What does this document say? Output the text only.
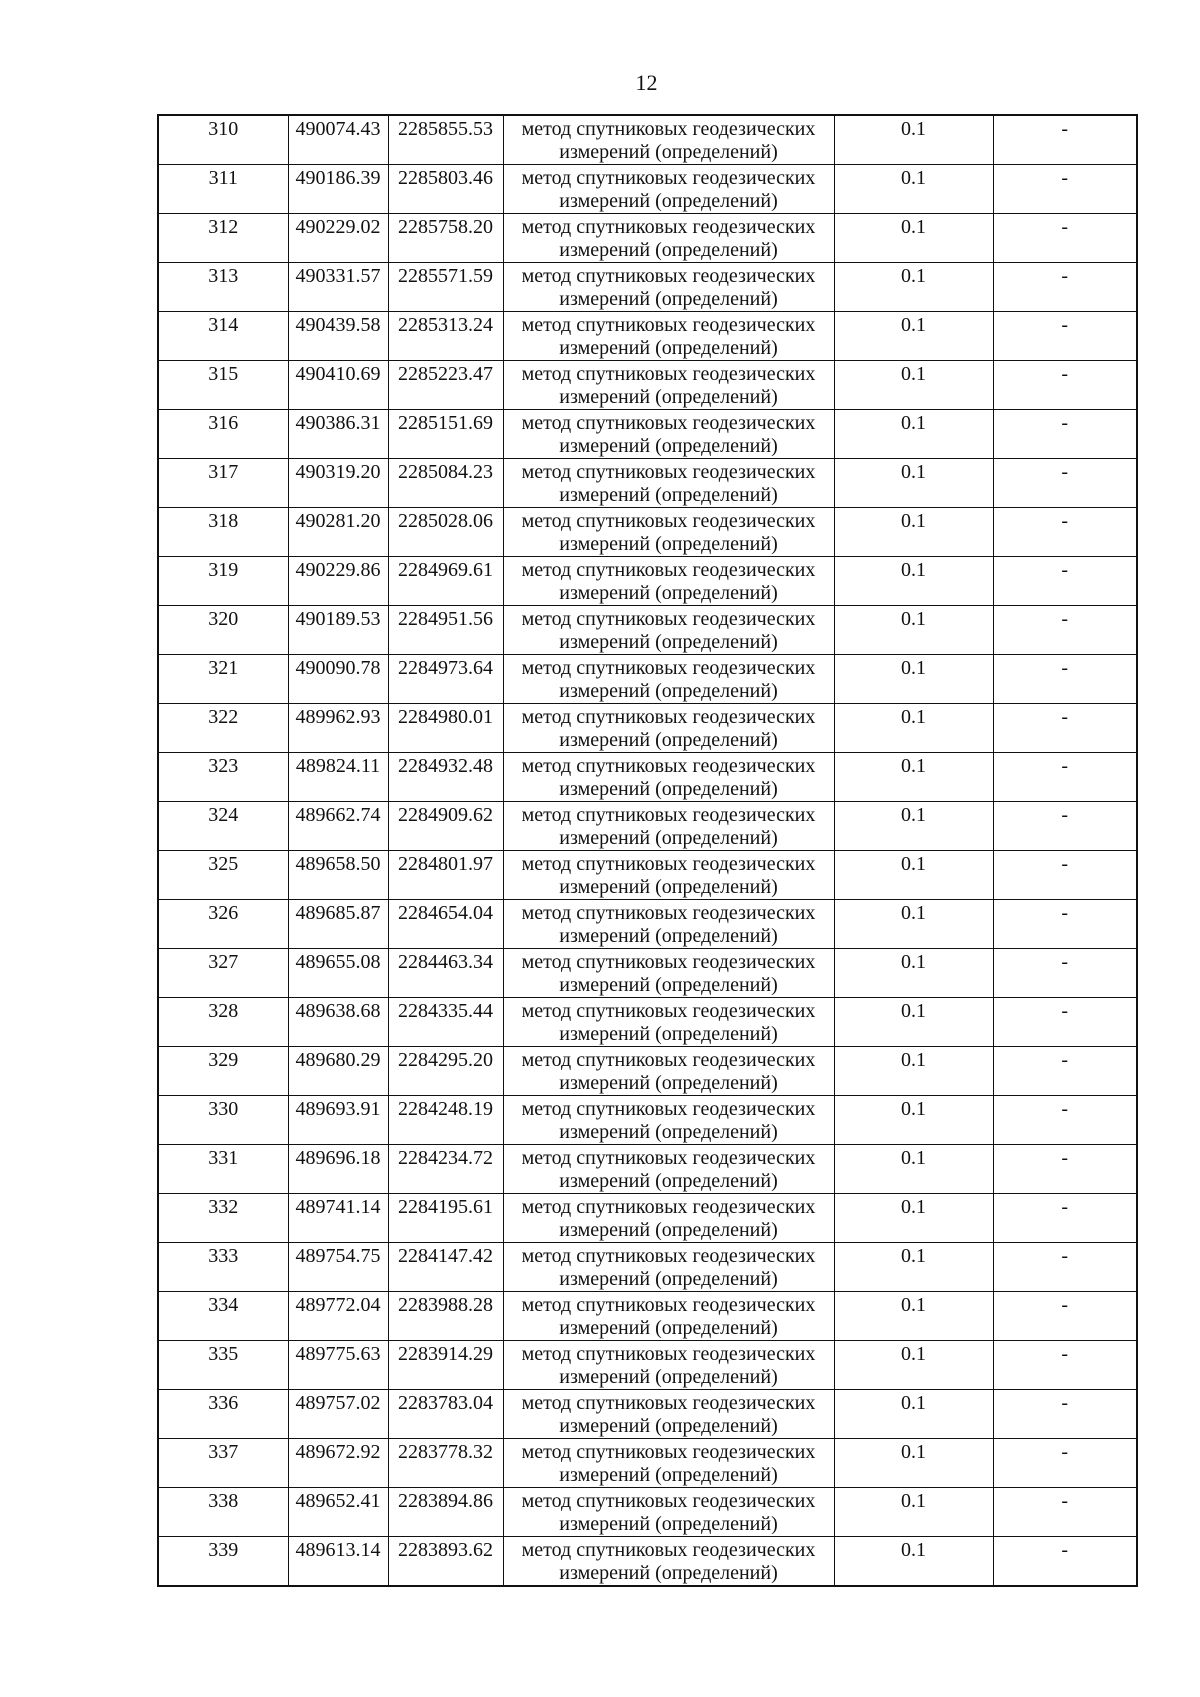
12
310	490074.43	2285855.53	метод спутниковых геодезических измерений (определений)	0.1	-
311	490186.39	2285803.46	метод спутниковых геодезических измерений (определений)	0.1	-
312	490229.02	2285758.20	метод спутниковых геодезических измерений (определений)	0.1	-
313	490331.57	2285571.59	метод спутниковых геодезических измерений (определений)	0.1	-
314	490439.58	2285313.24	метод спутниковых геодезических измерений (определений)	0.1	-
315	490410.69	2285223.47	метод спутниковых геодезических измерений (определений)	0.1	-
316	490386.31	2285151.69	метод спутниковых геодезических измерений (определений)	0.1	-
317	490319.20	2285084.23	метод спутниковых геодезических измерений (определений)	0.1	-
318	490281.20	2285028.06	метод спутниковых геодезических измерений (определений)	0.1	-
319	490229.86	2284969.61	метод спутниковых геодезических измерений (определений)	0.1	-
320	490189.53	2284951.56	метод спутниковых геодезических измерений (определений)	0.1	-
321	490090.78	2284973.64	метод спутниковых геодезических измерений (определений)	0.1	-
322	489962.93	2284980.01	метод спутниковых геодезических измерений (определений)	0.1	-
323	489824.11	2284932.48	метод спутниковых геодезических измерений (определений)	0.1	-
324	489662.74	2284909.62	метод спутниковых геодезических измерений (определений)	0.1	-
325	489658.50	2284801.97	метод спутниковых геодезических измерений (определений)	0.1	-
326	489685.87	2284654.04	метод спутниковых геодезических измерений (определений)	0.1	-
327	489655.08	2284463.34	метод спутниковых геодезических измерений (определений)	0.1	-
328	489638.68	2284335.44	метод спутниковых геодезических измерений (определений)	0.1	-
329	489680.29	2284295.20	метод спутниковых геодезических измерений (определений)	0.1	-
330	489693.91	2284248.19	метод спутниковых геодезических измерений (определений)	0.1	-
331	489696.18	2284234.72	метод спутниковых геодезических измерений (определений)	0.1	-
332	489741.14	2284195.61	метод спутниковых геодезических измерений (определений)	0.1	-
333	489754.75	2284147.42	метод спутниковых геодезических измерений (определений)	0.1	-
334	489772.04	2283988.28	метод спутниковых геодезических измерений (определений)	0.1	-
335	489775.63	2283914.29	метод спутниковых геодезических измерений (определений)	0.1	-
336	489757.02	2283783.04	метод спутниковых геодезических измерений (определений)	0.1	-
337	489672.92	2283778.32	метод спутниковых геодезических измерений (определений)	0.1	-
338	489652.41	2283894.86	метод спутниковых геодезических измерений (определений)	0.1	-
339	489613.14	2283893.62	метод спутниковых геодезических измерений (определений)	0.1	-
